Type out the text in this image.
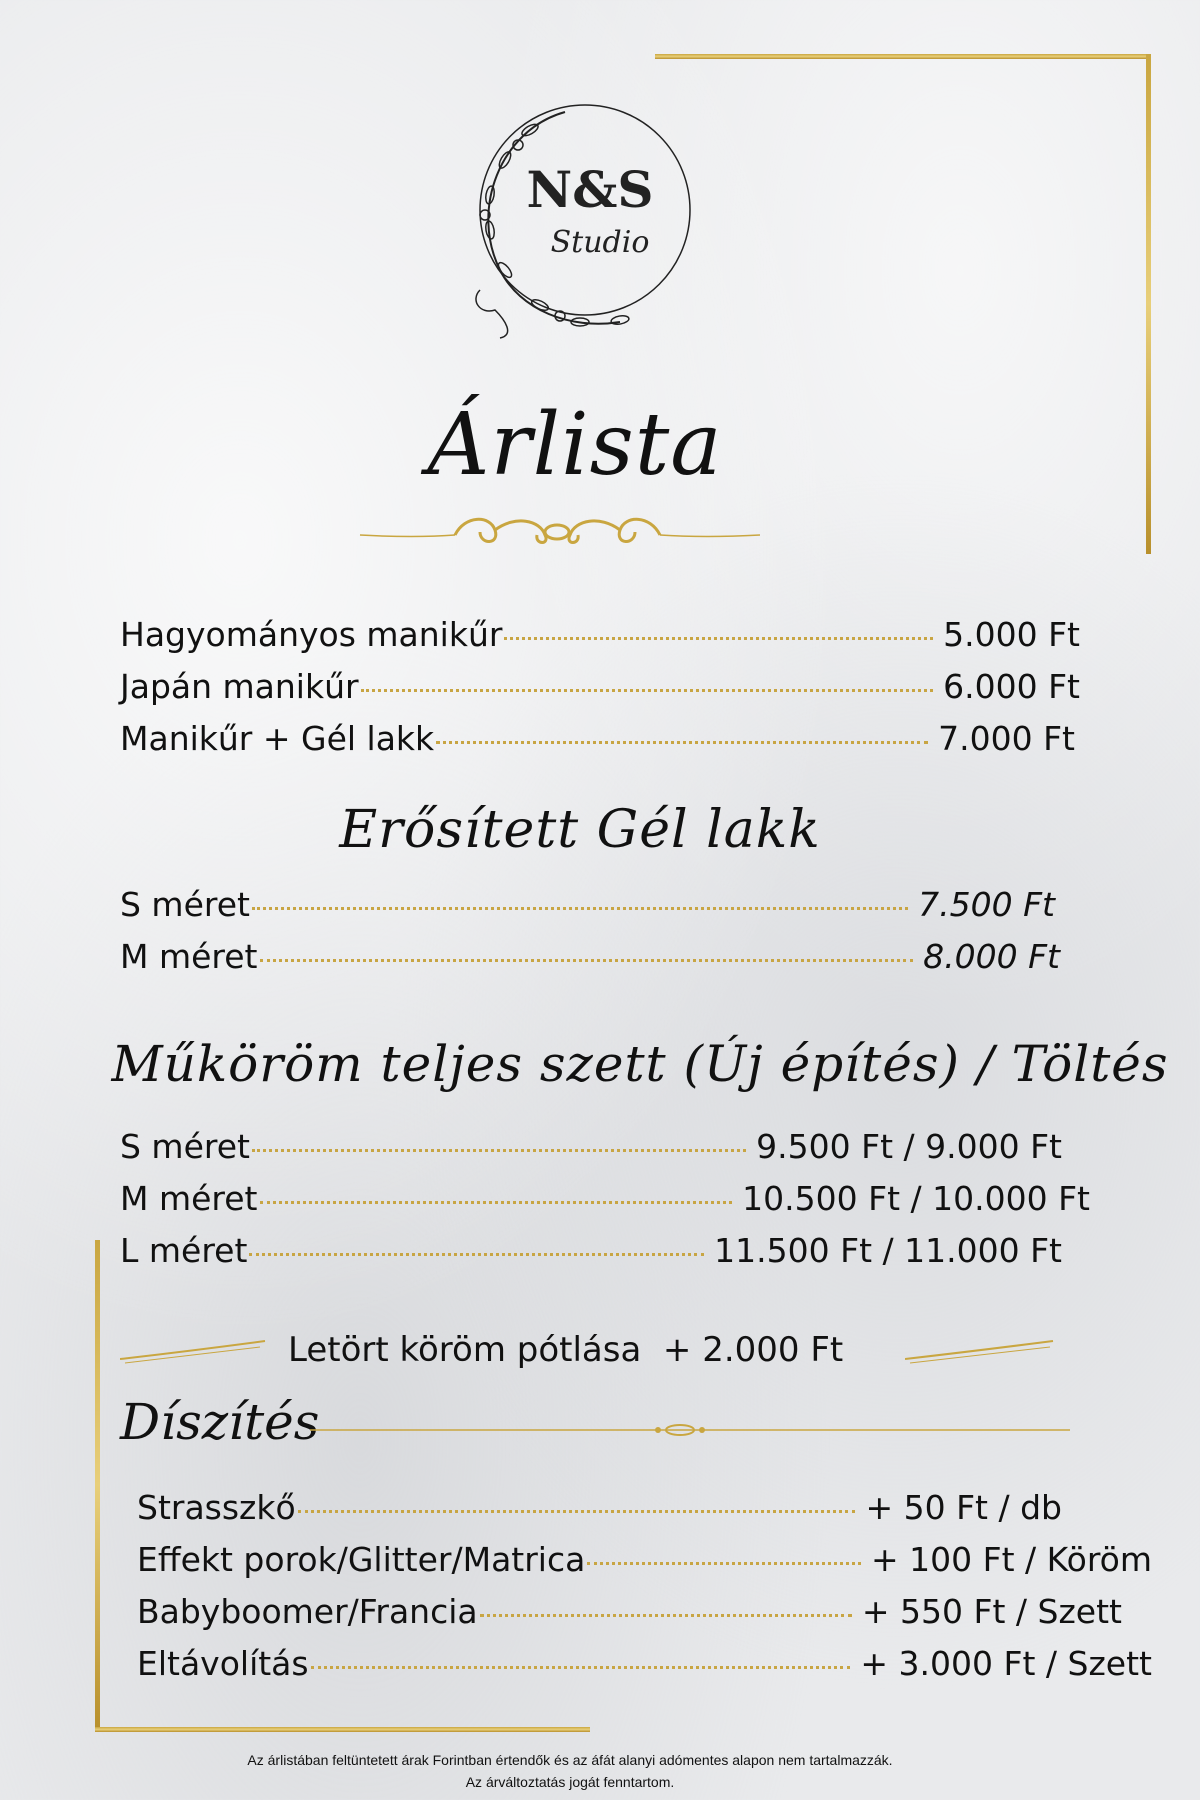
N&S
Studio
Árlista
Hagyományos manikűr	5.000 Ft
Japán manikűr	6.000 Ft
Manikűr + Gél lakk	7.000 Ft
Erősített Gél lakk
S méret	7.500 Ft
M méret	8.000 Ft
Műköröm teljes szett (Új építés) / Töltés
S méret	9.500 Ft / 9.000 Ft
M méret	10.500 Ft / 10.000 Ft
L méret	11.500 Ft / 11.000 Ft
Letört köröm pótlása  + 2.000 Ft
Díszítés
Strasszkő	+ 50 Ft / db
Effekt porok/Glitter/Matrica	+ 100 Ft / Köröm
Babyboomer/Francia	+ 550 Ft / Szett
Eltávolítás	+ 3.000 Ft / Szett
Az árlistában feltüntetett árak Forintban értendők és az áfát alanyi adómentes alapon nem tartalmazzák.
Az árváltoztatás jogát fenntartom.
